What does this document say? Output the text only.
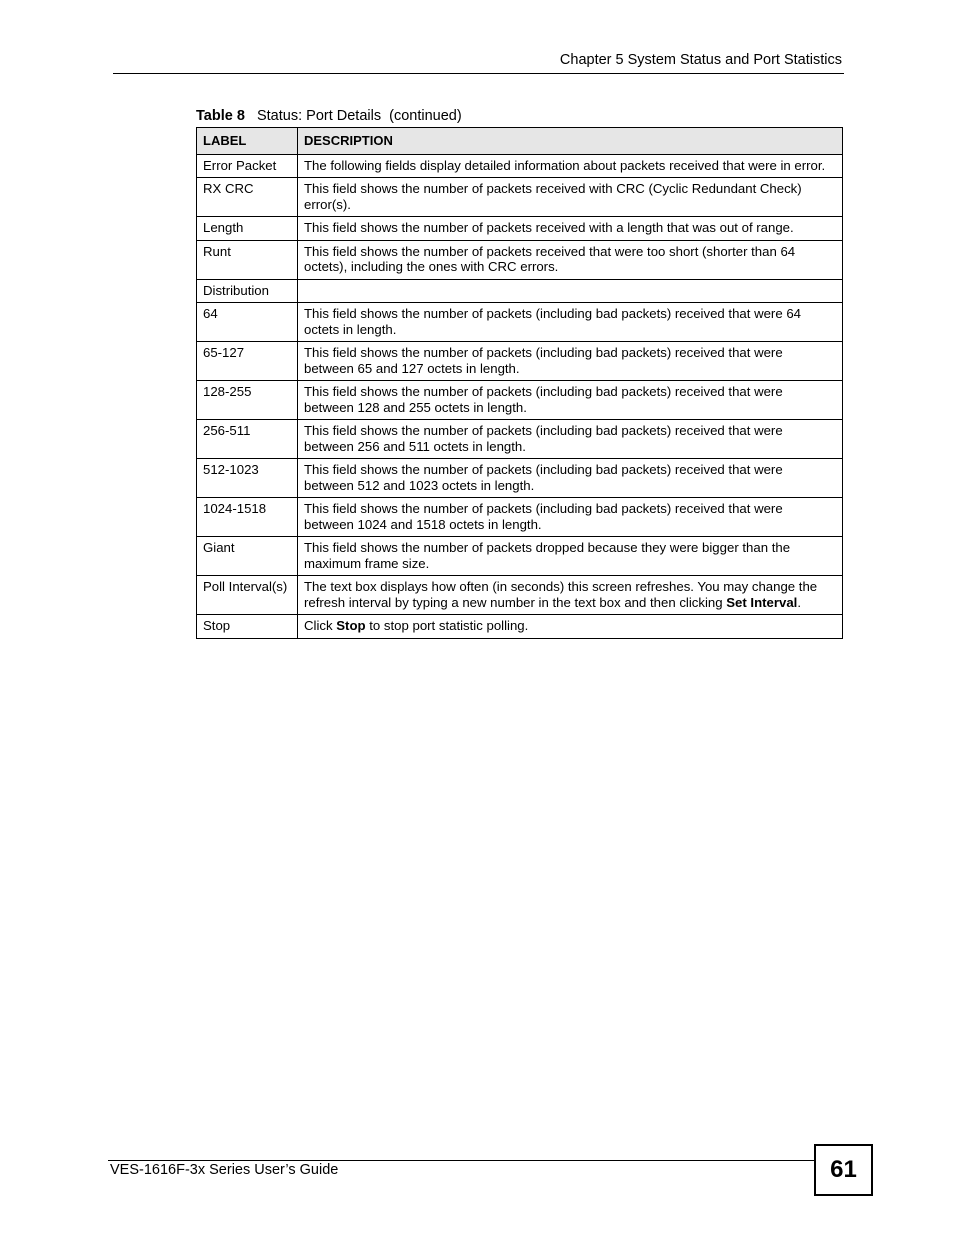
Chapter 5 System Status and Port Statistics
Table 8 Status: Port Details  (continued)
LABEL	DESCRIPTION
Error Packet	The following fields display detailed information about packets received that were in error.
RX CRC	This field shows the number of packets received with CRC (Cyclic Redundant Check) error(s).
Length	This field shows the number of packets received with a length that was out of range.
Runt	This field shows the number of packets received that were too short (shorter than 64 octets), including the ones with CRC errors.
Distribution	
64	This field shows the number of packets (including bad packets) received that were 64 octets in length.
65-127	This field shows the number of packets (including bad packets) received that were between 65 and 127 octets in length.
128-255	This field shows the number of packets (including bad packets) received that were between 128 and 255 octets in length.
256-511	This field shows the number of packets (including bad packets) received that were between 256 and 511 octets in length.
512-1023	This field shows the number of packets (including bad packets) received that were between 512 and 1023 octets in length.
1024-1518	This field shows the number of packets (including bad packets) received that were between 1024 and 1518 octets in length.
Giant	This field shows the number of packets dropped because they were bigger than the maximum frame size.
Poll Interval(s)	The text box displays how often (in seconds) this screen refreshes. You may change the refresh interval by typing a new number in the text box and then clicking Set Interval.
Stop	Click Stop to stop port statistic polling.
VES-1616F-3x Series User’s Guide	61
